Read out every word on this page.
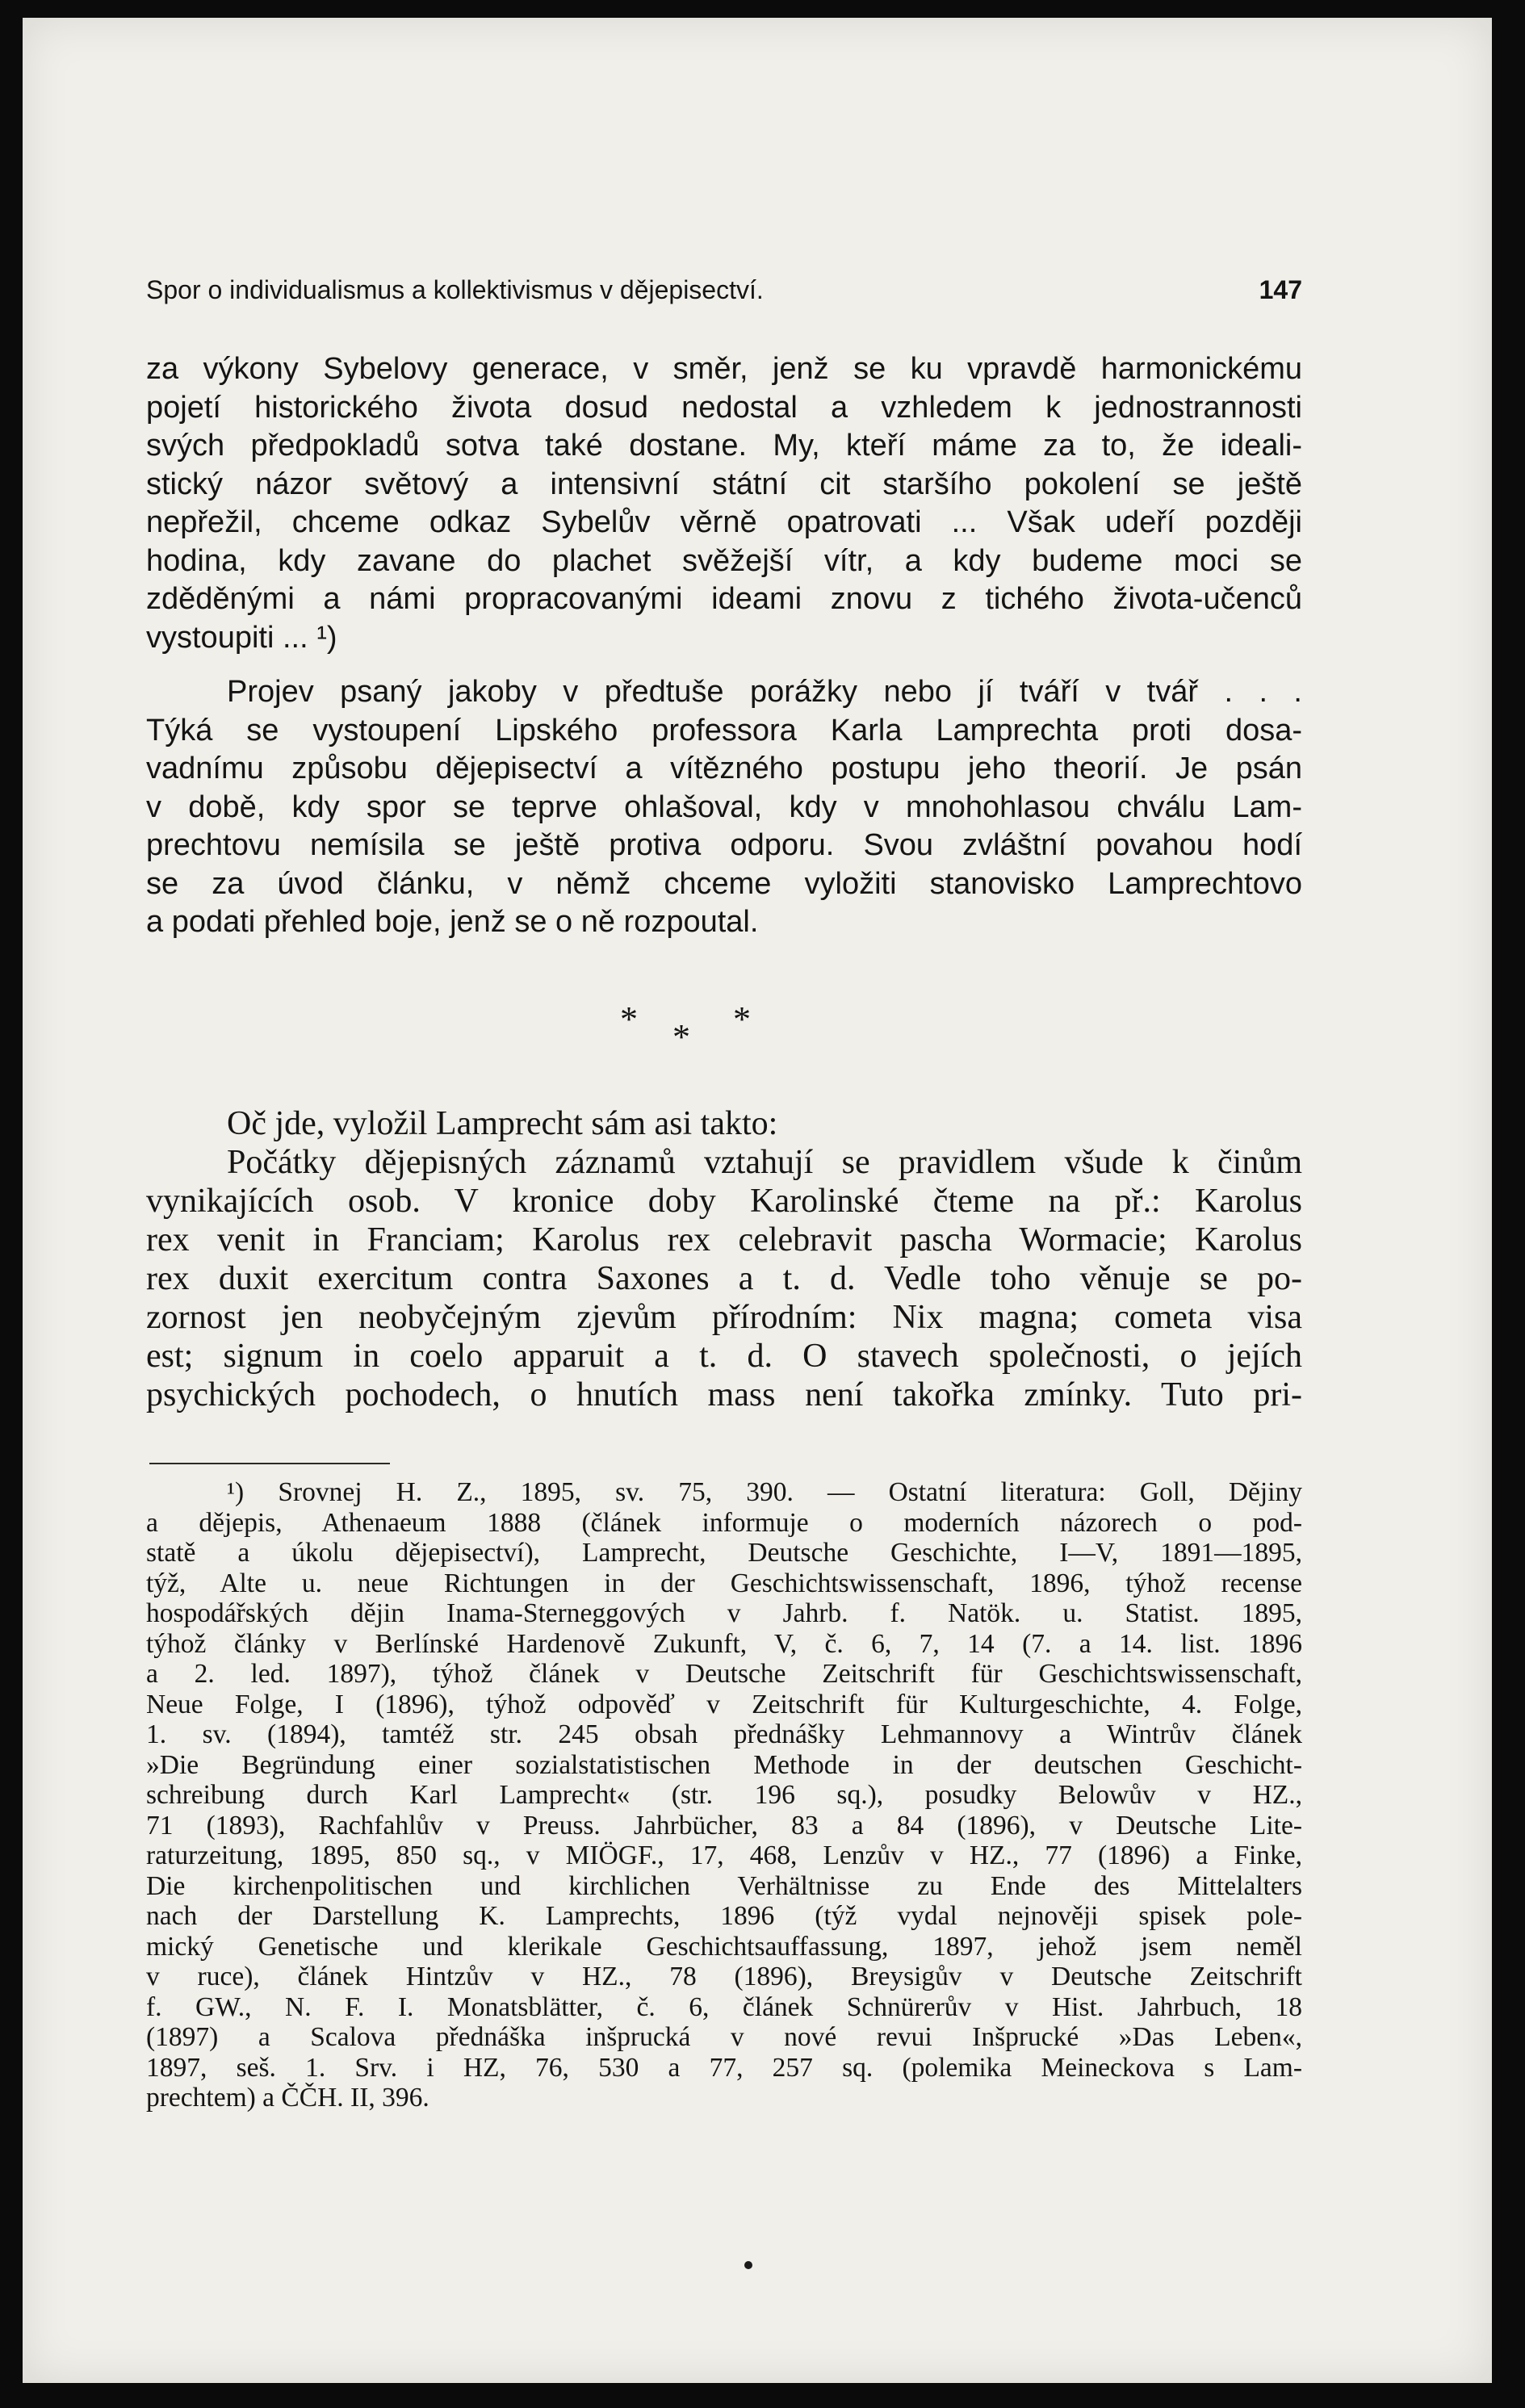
Spor o individualismus a kollektivismus v dějepisectví.	147
za výkony Sybelovy generace, v směr, jenž se ku vpravdě harmonickému
pojetí historického života dosud nedostal a vzhledem k jednostrannosti
svých předpokladů sotva také dostane. My, kteří máme za to, že ideali-
stický názor světový a intensivní státní cit staršího pokolení se ještě
nepřežil, chceme odkaz Sybelův věrně opatrovati ... Však udeří později
hodina, kdy zavane do plachet svěžejší vítr, a kdy budeme moci se
zděděnými a námi propracovanými ideami znovu z tichého života-učenců
vystoupiti ... ¹)
Projev psaný jakoby v předtuše porážky nebo jí tváří v tvář . . .
Týká se vystoupení Lipského professora Karla Lamprechta proti dosa-
vadnímu způsobu dějepisectví a vítězného postupu jeho theorií. Je psán
v době, kdy spor se teprve ohlašoval, kdy v mnohohlasou chválu Lam-
prechtovu nemísila se ještě protiva odporu. Svou zvláštní povahou hodí
se za úvod článku, v němž chceme vyložiti stanovisko Lamprechtovo
a podati přehled boje, jenž se o ně rozpoutal.
* * *
Oč jde, vyložil Lamprecht sám asi takto:
Počátky dějepisných záznamů vztahují se pravidlem všude k činům
vynikajících osob. V kronice doby Karolinské čteme na př.: Karolus
rex venit in Franciam; Karolus rex celebravit pascha Wormacie; Karolus
rex duxit exercitum contra Saxones a t. d. Vedle toho věnuje se po-
zornost jen neobyčejným zjevům přírodním: Nix magna; cometa visa
est; signum in coelo apparuit a t. d. O stavech společnosti, o jejích
psychických pochodech, o hnutích mass není takořka zmínky. Tuto pri-
¹) Srovnej H. Z., 1895, sv. 75, 390. — Ostatní literatura: Goll, Dějiny
a dějepis, Athenaeum 1888 (článek informuje o moderních názorech o pod-
statě a úkolu dějepisectví), Lamprecht, Deutsche Geschichte, I—V, 1891—1895,
týž, Alte u. neue Richtungen in der Geschichtswissenschaft, 1896, týhož recense
hospodářských dějin Inama-Sterneggových v Jahrb. f. Natök. u. Statist. 1895,
týhož články v Berlínské Hardenově Zukunft, V, č. 6, 7, 14 (7. a 14. list. 1896
a 2. led. 1897), týhož článek v Deutsche Zeitschrift für Geschichtswissenschaft,
Neue Folge, I (1896), týhož odpověď v Zeitschrift für Kulturgeschichte, 4. Folge,
1. sv. (1894), tamtéž str. 245 obsah přednášky Lehmannovy a Wintrův článek
»Die Begründung einer sozialstatistischen Methode in der deutschen Geschicht-
schreibung durch Karl Lamprecht« (str. 196 sq.), posudky Belowův v HZ.,
71 (1893), Rachfahlův v Preuss. Jahrbücher, 83 a 84 (1896), v Deutsche Lite-
raturzeitung, 1895, 850 sq., v MIÖGF., 17, 468, Lenzův v HZ., 77 (1896) a Finke,
Die kirchenpolitischen und kirchlichen Verhältnisse zu Ende des Mittelalters
nach der Darstellung K. Lamprechts, 1896 (týž vydal nejnověji spisek pole-
mický Genetische und klerikale Geschichtsauffassung, 1897, jehož jsem neměl
v ruce), článek Hintzův v HZ., 78 (1896), Breysigův v Deutsche Zeitschrift
f. GW., N. F. I. Monatsblätter, č. 6, článek Schnürerův v Hist. Jahrbuch, 18
(1897) a Scalova přednáška inšprucká v nové revui Inšprucké »Das Leben«,
1897, seš. 1. Srv. i HZ, 76, 530 a 77, 257 sq. (polemika Meineckova s Lam-
prechtem) a ČČH. II, 396.
